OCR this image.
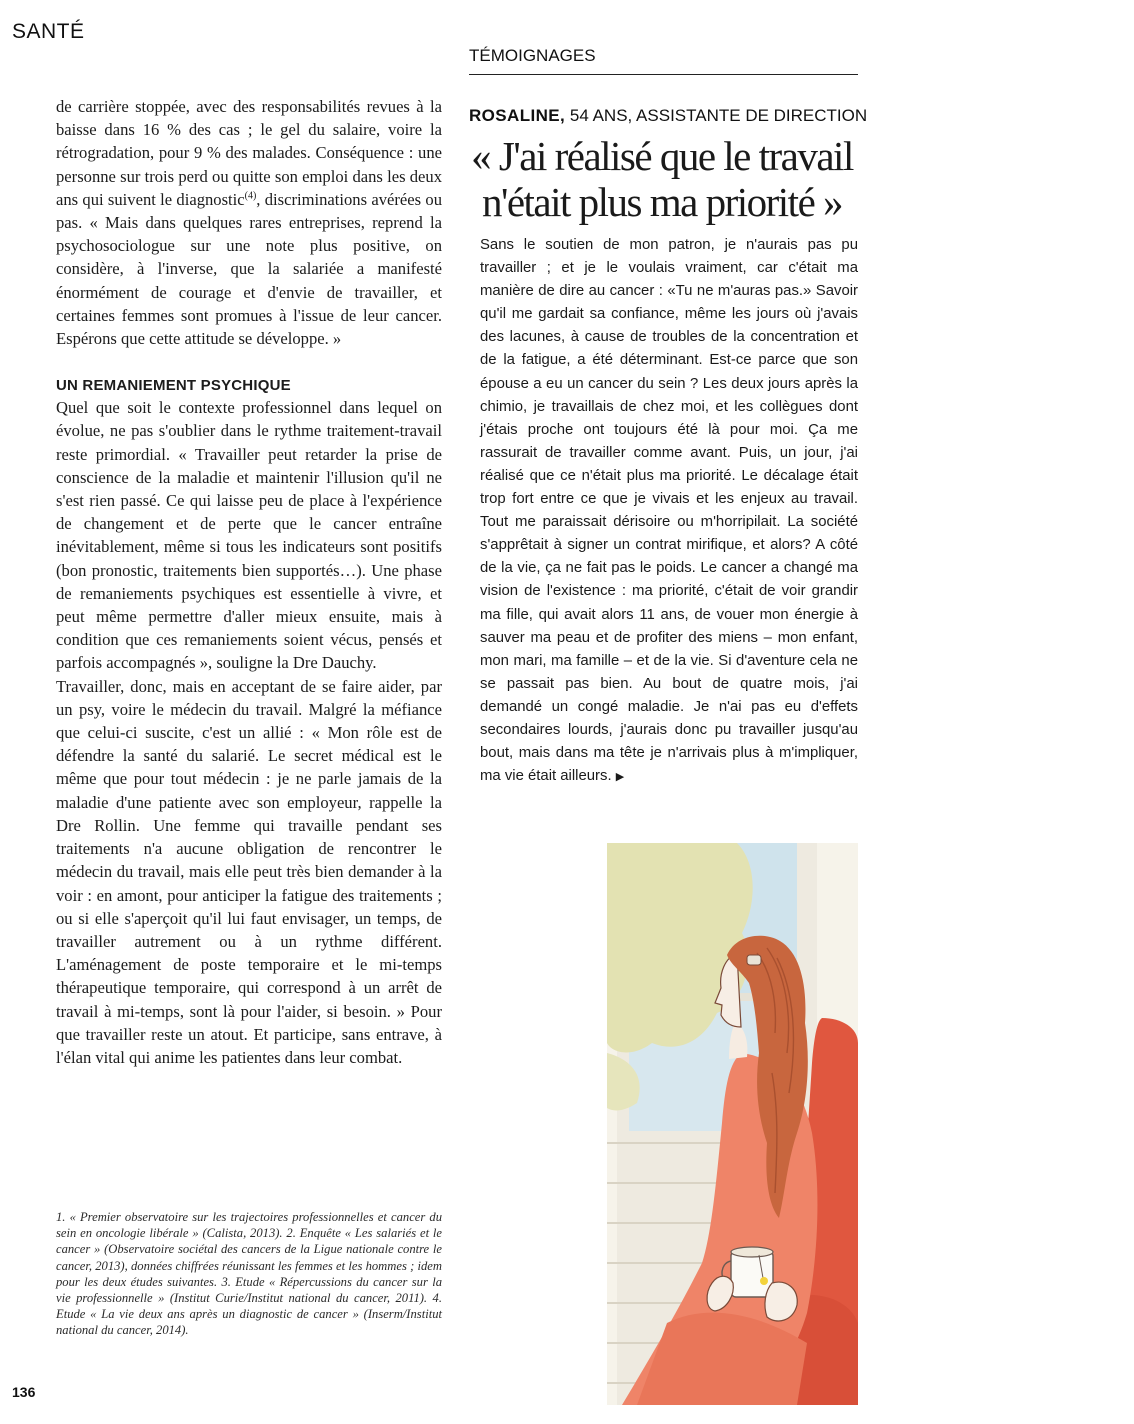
SANTÉ
TÉMOIGNAGES

de carrière stoppée, avec des responsabilités revues à la baisse dans 16 % des cas ; le gel du salaire, voire la rétrogradation, pour 9 % des malades. Conséquence : une personne sur trois perd ou quitte son emploi dans les deux ans qui suivent le diagnostic$^{(4)}$, discriminations avérées ou pas. « Mais dans quelques rares entreprises, reprend la psychosociologue sur une note plus positive, on considère, à l'inverse, que la salariée a manifesté énormément de courage et d'envie de travailler, et certaines femmes sont promues à l'issue de leur cancer. Espérons que cette attitude se développe. »

UN REMANIEMENT PSYCHIQUE

Quel que soit le contexte professionnel dans lequel on évolue, ne pas s'oublier dans le rythme traitement-travail reste primordial. « Travailler peut retarder la prise de conscience de la maladie et maintenir l'illusion qu'il ne s'est rien passé. Ce qui laisse peu de place à l'expérience de changement et de perte que le cancer entraîne inévitablement, même si tous les indicateurs sont positifs (bon pronostic, traitements bien supportés…). Une phase de remaniements psychiques est essentielle à vivre, et peut même permettre d'aller mieux ensuite, mais à condition que ces remaniements soient vécus, pensés et parfois accompagnés », souligne la Dre Dauchy.

Travailler, donc, mais en acceptant de se faire aider, par un psy, voire le médecin du travail. Malgré la méfiance que celui-ci suscite, c'est un allié : « Mon rôle est de défendre la santé du salarié. Le secret médical est le même que pour tout médecin : je ne parle jamais de la maladie d'une patiente avec son employeur, rappelle la Dre Rollin. Une femme qui travaille pendant ses traitements n'a aucune obligation de rencontrer le médecin du travail, mais elle peut très bien demander à la voir : en amont, pour anticiper la fatigue des traitements ; ou si elle s'aperçoit qu'il lui faut envisager, un temps, de travailler autrement ou à un rythme différent. L'aménagement de poste temporaire et le mi-temps thérapeutique temporaire, qui correspond à un arrêt de travail à mi-temps, sont là pour l'aider, si besoin. » Pour que travailler reste un atout. Et participe, sans entrave, à l'élan vital qui anime les patientes dans leur combat.

1. « Premier observatoire sur les trajectoires professionnelles et cancer du sein en oncologie libérale » (Calista, 2013). 2. Enquête « Les salariés et le cancer » (Observatoire sociétal des cancers de la Ligue nationale contre le cancer, 2013), données chiffrées réunissant les femmes et les hommes ; idem pour les deux études suivantes. 3. Etude « Répercussions du cancer sur la vie professionnelle » (Institut Curie/Institut national du cancer, 2011). 4. Etude « La vie deux ans après un diagnostic de cancer » (Inserm/Institut national du cancer, 2014).
136
ROSALINE, 54 ANS, ASSISTANTE DE DIRECTION
« J'ai réalisé que le travail
n'était plus ma priorité »
Sans le soutien de mon patron, je n'aurais pas pu travailler ; et je le voulais vraiment, car c'était ma manière de dire au cancer : «Tu ne m'auras pas.» Savoir qu'il me gardait sa confiance, même les jours où j'avais des lacunes, à cause de troubles de la concentration et de la fatigue, a été déterminant. Est-ce parce que son épouse a eu un cancer du sein ? Les deux jours après la chimio, je travaillais de chez moi, et les collègues dont j'étais proche ont toujours été là pour moi. Ça me rassurait de travailler comme avant. Puis, un jour, j'ai réalisé que ce n'était plus ma priorité. Le décalage était trop fort entre ce que je vivais et les enjeux au travail. Tout me paraissait dérisoire ou m'horripilait. La société s'apprêtait à signer un contrat mirifique, et alors? A côté de la vie, ça ne fait pas le poids. Le cancer a changé ma vision de l'existence : ma priorité, c'était de voir grandir ma fille, qui avait alors 11 ans, de vouer mon énergie à sauver ma peau et de profiter des miens – mon enfant, mon mari, ma famille – et de la vie. Si d'aventure cela ne se passait pas bien. Au bout de quatre mois, j'ai demandé un congé maladie. Je n'ai pas eu d'effets secondaires lourds, j'aurais donc pu travailler jusqu'au bout, mais dans ma tête je n'arrivais plus à m'impliquer, ma vie était ailleurs. ▶
